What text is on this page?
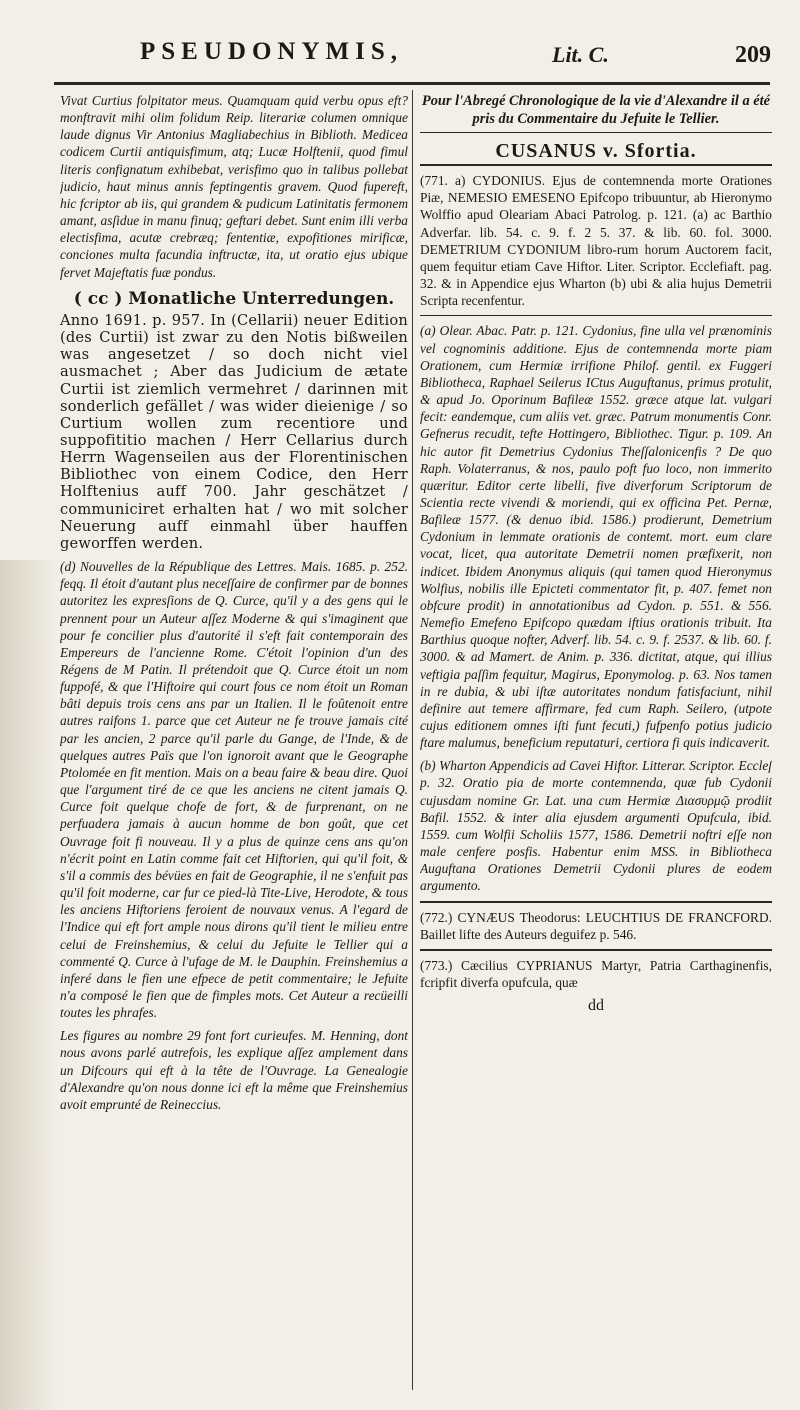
PSEUDONYMIS,	Lit. C.	209

Vivat Curtius folpitator meus. Quamquam quid verbu opus eft? monftravit mihi olim folidum Reip. literariæ columen omnique laude dignus Vir Antonius Magliabechius in Biblioth. Medicea codicem Curtii antiquisfimum, atq; Lucæ Holftenii, quod fimul literis confignatum exhibebat, verisfimo quo in talibus pollebat judicio, haut minus annis feptingentis gravem. Quod fupereft, hic fcriptor ab iis, qui grandem & pudicum Latinitatis fermonem amant, asſidue in manu finuq; geftari debet. Sunt enim illi verba electisfima, acutæ crebræq; fententiæ, expofitiones mirificæ, conciones multa facundia inftructæ, ita, ut oratio ejus ubique fervet Majeftatis fuæ pondus.

( cc ) Monatliche Unterredungen.

Anno 1691. p. 957. In (Cellarii) neuer Edition (des Curtii) ist zwar zu den Notis bißweilen was angesetzet / so doch nicht viel ausmachet ; Aber das Judicium de ætate Curtii ist ziemlich vermehret / darinnen mit sonderlich gefället / was wider dieienige / so Curtium wollen zum recentiore und suppofititio machen / Herr Cellarius durch Herrn Wagenseilen aus der Florentinischen Bibliothec von einem Codice, den Herr Holftenius auff 700. Jahr geschätzet / communiciret erhalten hat / wo mit solcher Neuerung auff einmahl über hauffen geworffen werden.

(d) Nouvelles de la République des Lettres. Mais. 1685. p. 252. feqq. Il étoit d'autant plus neceſſaire de confirmer par de bonnes autoritez les expresſions de Q. Curce, qu'il y a des gens qui le prennent pour un Auteur aſſez Moderne & qui s'imaginent que pour fe concilier plus d'autorité il s'eft fait contemporain des Empereurs de l'ancienne Rome. C'étoit l'opinion d'un des Régens de M Patin. Il prétendoit que Q. Curce étoit un nom fuppofé, & que l'Hiftoire qui court fous ce nom étoit un Roman bâti depuis trois cens ans par un Italien. Il le foûtenoit entre autres raifons 1. parce que cet Auteur ne fe trouve jamais cité par les ancien, 2 parce qu'il parle du Gange, de l'Inde, & de quelques autres Païs que l'on ignoroit avant que le Geographe Ptolomée en fit mention. Mais on a beau faire & beau dire. Quoi que l'argument tiré de ce que les anciens ne citent jamais Q. Curce foit quelque chofe de fort, & de furprenant, on ne perfuadera jamais à aucun homme de bon goût, que cet Ouvrage foit fi nouveau. Il y a plus de quinze cens ans qu'on n'écrit point en Latin comme fait cet Hiftorien, qui qu'il foit, & s'il a commis des bévües en fait de Geographie, il ne s'enfuit pas qu'il foit moderne, car fur ce pied-là Tite-Live, Herodote, & tous les anciens Hiftoriens feroient de nouvaux venus. A l'egard de l'Indice qui eft fort ample nous dirons qu'il tient le milieu entre celui de Freinshemius, & celui du Jefuite le Tellier qui a commenté Q. Curce à l'ufage de M. le Dauphin. Freinshemius a inferé dans le fien une efpece de petit commentaire; le Jefuite n'a composé le fien que de fimples mots. Cet Auteur a recüeilli toutes les phrafes.

Les figures au nombre 29 font fort curieufes. M. Henning, dont nous avons parlé autrefois, les explique aſſez amplement dans un Difcours qui eft à la tête de l'Ouvrage. La Genealogie d'Alexandre qu'on nous donne ici eft la même que Freinshemius avoit emprunté de Reineccius.

Pour l'Abregé Chronologique de la vie d'Alexandre il a été pris du Commentaire du Jefuite le Tellier.

CUSANUS v. Sfortia.

(771. a) CYDONIUS. Ejus de contemnenda morte Orationes Piæ, NEMESIO EMESENO Epifcopo tribuuntur, ab Hieronymo Wolffio apud Oleariam Abaci Patrolog. p. 121. (a) ac Barthio Adverfar. lib. 54. c. 9. f. 2 5. 37. & lib. 60. fol. 3000. DEMETRIUM CYDONIUM libro-rum horum Auctorem facit, quem fequitur etiam Cave Hiftor. Liter. Scriptor. Ecclefiaft. pag. 32. & in Appendice ejus Wharton (b) ubi & alia hujus Demetrii Scripta recenfentur.

(a) Olear. Abac. Patr. p. 121. Cydonius, fine ulla vel prænominis vel cognominis additione. Ejus de contemnenda morte piam Orationem, cum Hermiæ irrifione Philof. gentil. ex Fuggeri Bibliotheca, Raphael Seilerus ICtus Auguftanus, primus protulit, & apud Jo. Oporinum Bafileæ 1552. græce atque lat. vulgari fecit: eandemque, cum aliis vet. græc. Patrum monumentis Conr. Gefnerus recudit, tefte Hottingero, Bibliothec. Tigur. p. 109. An hic autor fit Demetrius Cydonius Theſſalonicenfis ? De quo Raph. Volaterranus, & nos, paulo poft fuo loco, non immerito quæritur. Editor certe libelli, five diverforum Scriptorum de Scientia recte vivendi & moriendi, qui ex officina Pet. Pernæ, Bafileæ 1577. (& denuo ibid. 1586.) prodierunt, Demetrium Cydonium in lemmate orationis de contemt. mort. eum clare vocat, licet, qua autoritate Demetrii nomen præfixerit, non indicet. Ibidem Anonymus aliquis (qui tamen quod Hieronymus Wolfius, nobilis ille Epicteti commentator fit, p. 407. femet non obfcure prodit) in annotationibus ad Cydon. p. 551. & 556. Nemefio Emefeno Epifcopo quædam iftius orationis tribuit. Ita Barthius quoque nofter, Adverf. lib. 54. c. 9. f. 2537. & lib. 60. f. 3000. & ad Mamert. de Anim. p. 336. dictitat, atque, qui illius veftigia paſſim fequitur, Magirus, Eponymolog. p. 63. Nos tamen in re dubia, & ubi iſtæ autoritates nondum fatisfaciunt, nihil definire aut temere affirmare, fed cum Raph. Seilero, (utpote cujus editionem omnes iſti funt fecuti,) fufpenfo potius judicio ftare malumus, beneficium reputaturi, certiora fi quis indicaverit.

(b) Wharton Appendicis ad Cavei Hiftor. Litterar. Scriptor. Eccleſ p. 32. Oratio pia de morte contemnenda, quæ fub Cydonii cujusdam nomine Gr. Lat. una cum Hermiæ Διασυρμῷ prodiit Bafil. 1552. & inter alia ejusdem argumenti Opufcula, ibid. 1559. cum Wolfii Scholiis 1577, 1586. Demetrii noftri eſſe non male cenfere posfis. Habentur enim MSS. in Bibliotheca Auguftana Orationes Demetrii Cydonii plures de eodem argumento.

(772.) CYNÆUS Theodorus: LEUCHTIUS DE FRANCFORD. Baillet lifte des Auteurs deguifez p. 546.

(773.) Cæcilius CYPRIANUS Martyr, Patria Carthaginenfis, fcripfit diverfa opufcula, quæ

dd
